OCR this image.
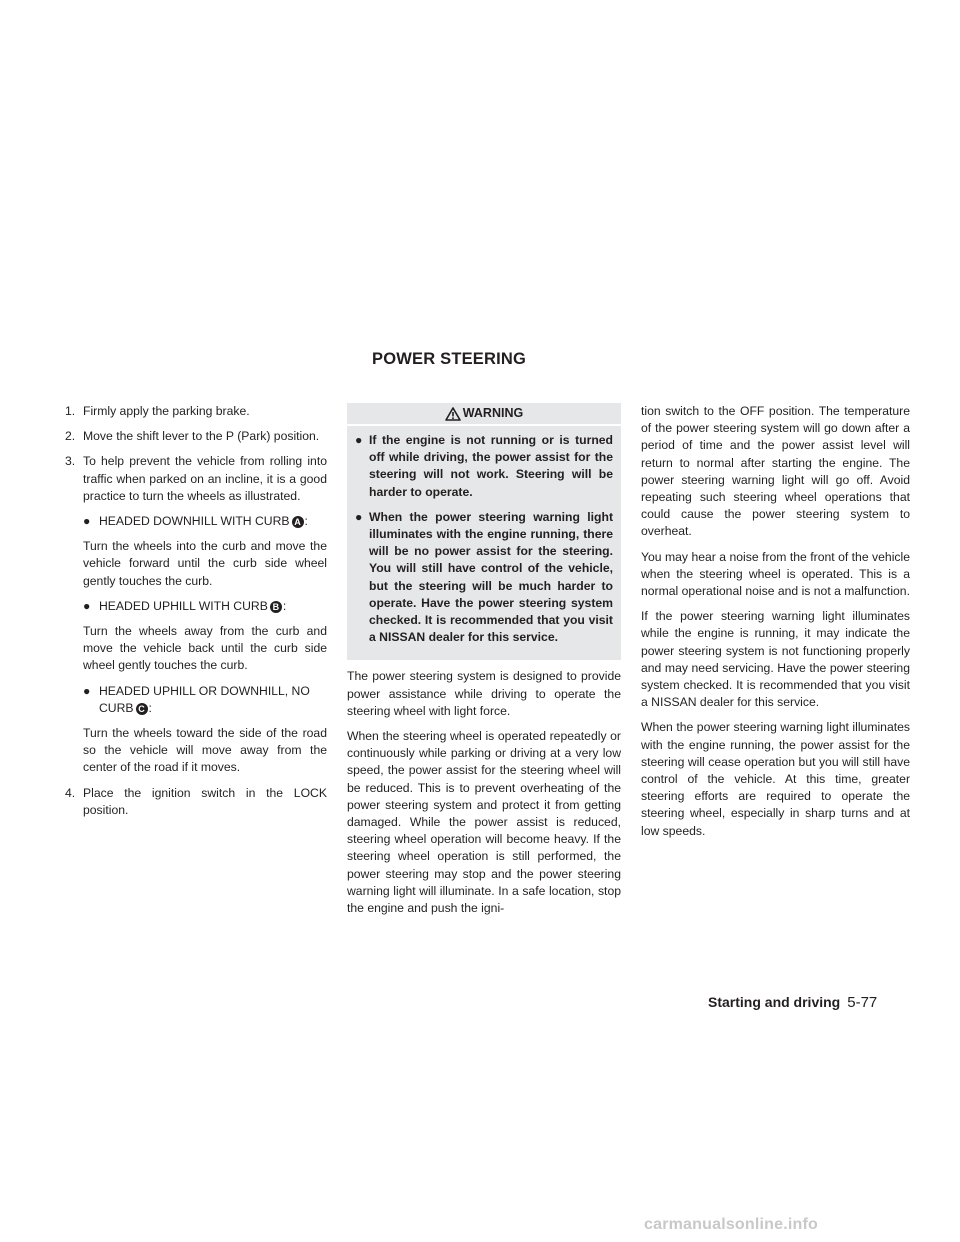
POWER STEERING
1. Firmly apply the parking brake.
2. Move the shift lever to the P (Park) position.
3. To help prevent the vehicle from rolling into traffic when parked on an incline, it is a good practice to turn the wheels as illustrated.
● HEADED DOWNHILL WITH CURB A :

Turn the wheels into the curb and move the vehicle forward until the curb side wheel gently touches the curb.

● HEADED UPHILL WITH CURB B :

Turn the wheels away from the curb and move the vehicle back until the curb side wheel gently touches the curb.

● HEADED UPHILL OR DOWNHILL, NO CURB C :

Turn the wheels toward the side of the road so the vehicle will move away from the center of the road if it moves.

4. Place the ignition switch in the LOCK position.
WARNING
● If the engine is not running or is turned off while driving, the power assist for the steering will not work. Steering will be harder to operate.
● When the power steering warning light illuminates with the engine running, there will be no power assist for the steering. You will still have control of the vehicle, but the steering will be much harder to operate. Have the power steering system checked. It is recommended that you visit a NISSAN dealer for this service.

The power steering system is designed to provide power assistance while driving to operate the steering wheel with light force.

When the steering wheel is operated repeatedly or continuously while parking or driving at a very low speed, the power assist for the steering wheel will be reduced. This is to prevent overheating of the power steering system and protect it from getting damaged. While the power assist is reduced, steering wheel operation will become heavy. If the steering wheel operation is still performed, the power steering may stop and the power steering warning light will illuminate. In a safe location, stop the engine and push the igni-

tion switch to the OFF position. The temperature of the power steering system will go down after a period of time and the power assist level will return to normal after starting the engine. The power steering warning light will go off. Avoid repeating such steering wheel operations that could cause the power steering system to overheat.

You may hear a noise from the front of the vehicle when the steering wheel is operated. This is a normal operational noise and is not a malfunction.

If the power steering warning light illuminates while the engine is running, it may indicate the power steering system is not functioning properly and may need servicing. Have the power steering system checked. It is recommended that you visit a NISSAN dealer for this service.

When the power steering warning light illuminates with the engine running, the power assist for the steering will cease operation but you will still have control of the vehicle. At this time, greater steering efforts are required to operate the steering wheel, especially in sharp turns and at low speeds.

Starting and driving 5-77
carmanualsonline.info
